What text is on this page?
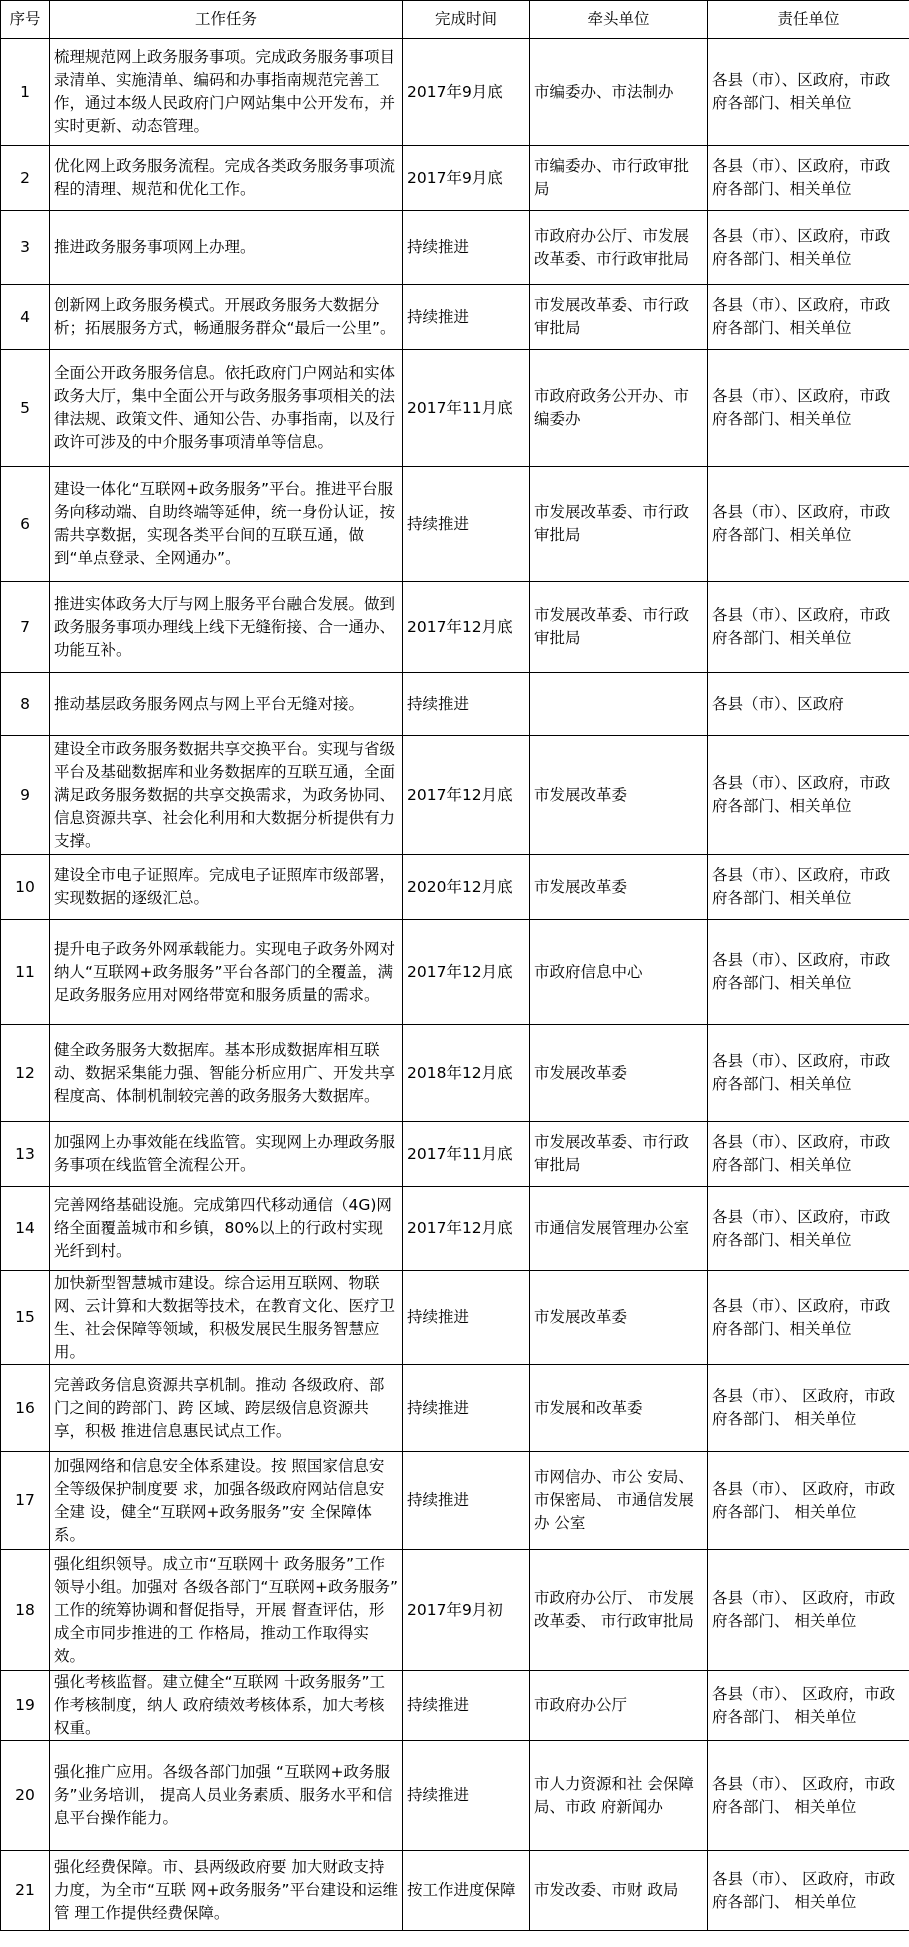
序号	工作任务	完成时间	牵头单位	责任单位
1	梳理规范网上政务服务事项。完成政务服务事项目录清单、实施清单、编码和办事指南规范完善工作，通过本级人民政府门户网站集中公开发布，并实时更新、动态管理。	2017年9月底	市编委办、市法制办	各县（市）、区政府，市政府各部门、相关单位
2	优化网上政务服务流程。完成各类政务服务事项流程的清理、规范和优化工作。	2017年9月底	市编委办、市行政审批局	各县（市）、区政府，市政府各部门、相关单位
3	推进政务服务事项网上办理。	持续推进	市政府办公厅、市发展改革委、市行政审批局	各县（市）、区政府，市政府各部门、相关单位
4	创新网上政务服务模式。开展政务服务大数据分析；拓展服务方式，畅通服务群众“最后一公里”。	持续推进	市发展改革委、市行政审批局	各县（市）、区政府，市政府各部门、相关单位
5	全面公开政务服务信息。依托政府门户网站和实体政务大厅，集中全面公开与政务服务事项相关的法律法规、政策文件、通知公告、办事指南，以及行政许可涉及的中介服务事项清单等信息。	2017年11月底	市政府政务公开办、市编委办	各县（市）、区政府，市政府各部门、相关单位
6	建设一体化“互联网+政务服务”平台。推进平台服务向移动端、自助终端等延伸，统一身份认证，按需共享数据，实现各类平台间的互联互通，做到“单点登录、全网通办”。	持续推进	市发展改革委、市行政审批局	各县（市）、区政府，市政府各部门、相关单位
7	推进实体政务大厅与网上服务平台融合发展。做到政务服务事项办理线上线下无缝衔接、合一通办、功能互补。	2017年12月底	市发展改革委、市行政审批局	各县（市）、区政府，市政府各部门、相关单位
8	推动基层政务服务网点与网上平台无缝对接。	持续推进		各县（市）、区政府
9	建设全市政务服务数据共享交换平台。实现与省级平台及基础数据库和业务数据库的互联互通，全面满足政务服务数据的共享交换需求，为政务协同、信息资源共享、社会化利用和大数据分析提供有力支撑。	2017年12月底	市发展改革委	各县（市）、区政府，市政府各部门、相关单位
10	建设全市电子证照库。完成电子证照库市级部署，实现数据的逐级汇总。	2020年12月底	市发展改革委	各县（市）、区政府，市政府各部门、相关单位
11	提升电子政务外网承载能力。实现电子政务外网对纳人“互联网+政务服务”平台各部门的全覆盖，满足政务服务应用对网络带宽和服务质量的需求。	2017年12月底	市政府信息中心	各县（市）、区政府，市政府各部门、相关单位
12	健全政务服务大数据库。基本形成数据库相互联动、数据采集能力强、智能分析应用广、开发共享程度高、体制机制较完善的政务服务大数据库。	2018年12月底	市发展改革委	各县（市）、区政府，市政府各部门、相关单位
13	加强网上办事效能在线监管。实现网上办理政务服务事项在线监管全流程公开。	2017年11月底	市发展改革委、市行政审批局	各县（市）、区政府，市政府各部门、相关单位
14	完善网络基础设施。完成第四代移动通信（4G)网络全面覆盖城市和乡镇，80%以上的行政村实现光纤到村。	2017年12月底	市通信发展管理办公室	各县（市）、区政府，市政府各部门、相关单位
15	加快新型智慧城市建设。综合运用互联网、物联网、云计算和大数据等技术，在教育文化、医疗卫生、社会保障等领域，积极发展民生服务智慧应用。	持续推进	市发展改革委	各县（市）、区政府，市政府各部门、相关单位
16	完善政务信息资源共享机制。推动 各级政府、部门之间的跨部门、跨 区域、跨层级信息资源共享，积极 推进信息惠民试点工作。	持续推进	市发展和改革委	各县（市）、 区政府，市政府各部门、 相关单位
17	加强网络和信息安全体系建设。按 照国家信息安全等级保护制度要 求，加强各级政府网站信息安全建 设，健全“互联网+政务服务”安 全保障体系。	持续推进	市网信办、市公 安局、市保密局、 市通信发展办 公室	各县（市）、 区政府，市政府各部门、 相关单位
18	强化组织领导。成立市“互联网十 政务服务”工作领导小组。加强对 各级各部门“互联网+政务服务” 工作的统筹协调和督促指导，开展 督查评估，形成全市同步推进的工 作格局，推动工作取得实效。	2017年9月初	市政府办公厅、 市发展改革委、 市行政审批局	各县（市）、 区政府，市政府各部门、 相关单位
19	强化考核监督。建立健全“互联网 十政务服务”工作考核制度，纳人 政府绩效考核体系，加大考核权重。	持续推进	市政府办公厅	各县（市）、 区政府，市政府各部门、 相关单位
20	强化推广应用。各级各部门加强 “互联网+政务服务”业务培训， 提高人员业务素质、服务水平和信 息平台操作能力。	持续推进	市人力资源和社 会保障局、市政 府新闻办	各县（市）、 区政府，市政府各部门、 相关单位
21	强化经费保障。市、县两级政府要 加大财政支持力度，为全市“互联 网+政务服务”平台建设和运维管 理工作提供经费保障。	按工作进度保障	市发改委、市财 政局	各县（市）、 区政府，市政府各部门、 相关单位
